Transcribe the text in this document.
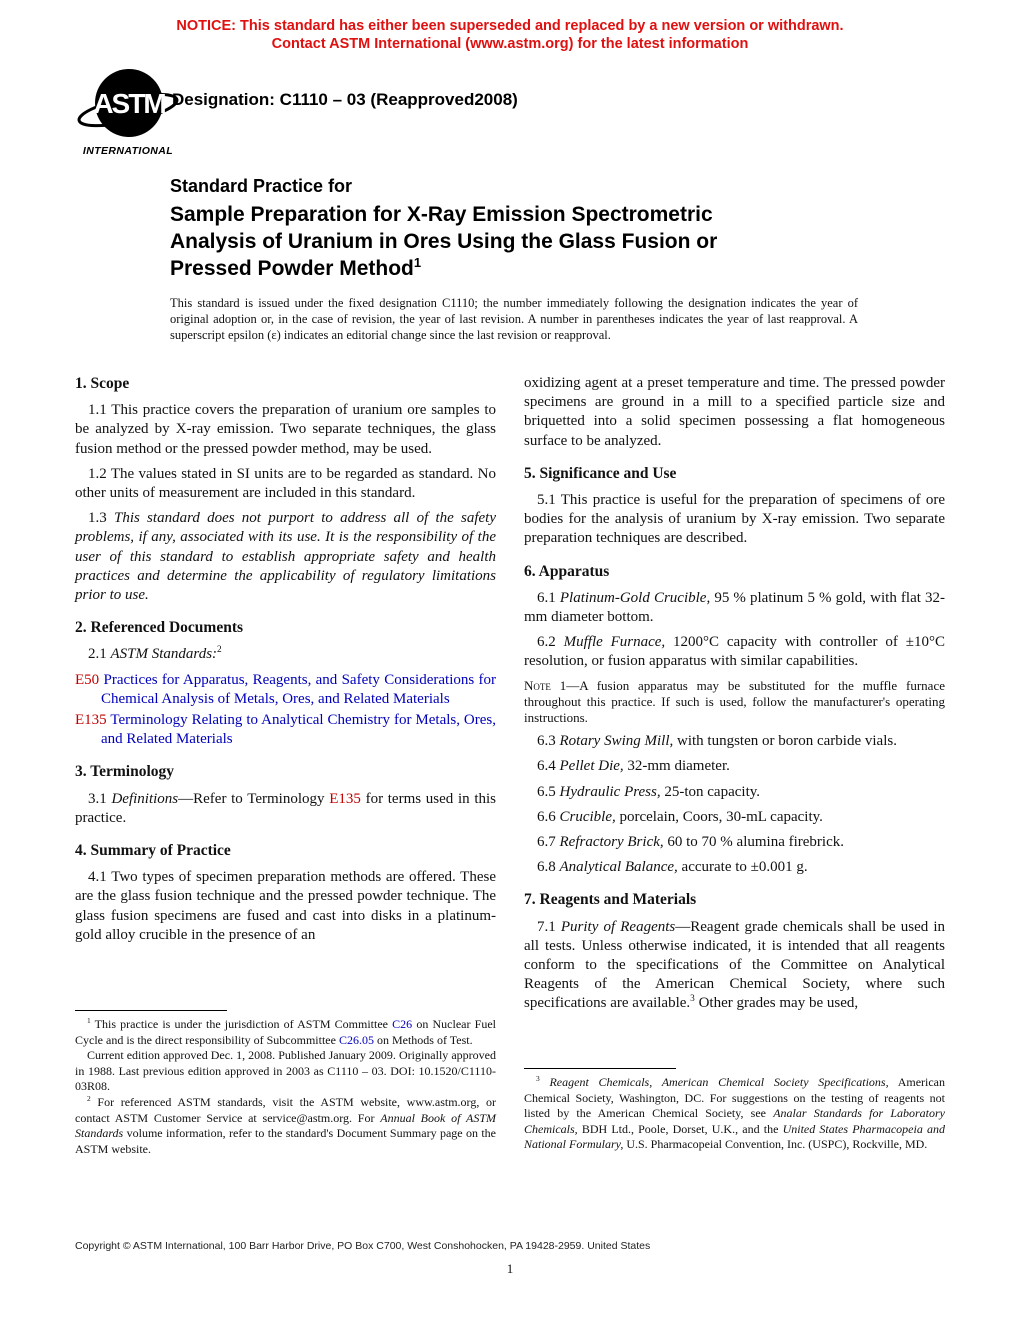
NOTICE: This standard has either been superseded and replaced by a new version or withdrawn.
Contact ASTM International (www.astm.org) for the latest information
ASTM
INTERNATIONAL
Designation: C1110 – 03 (Reapproved2008)
Standard Practice for
Sample Preparation for X-Ray Emission Spectrometric
Analysis of Uranium in Ores Using the Glass Fusion or
Pressed Powder Method$^1$
This standard is issued under the fixed designation C1110; the number immediately following the designation indicates the year of original adoption or, in the case of revision, the year of last revision. A number in parentheses indicates the year of last reapproval. A superscript epsilon (ε) indicates an editorial change since the last revision or reapproval.
1. Scope

1.1 This practice covers the preparation of uranium ore samples to be analyzed by X-ray emission. Two separate techniques, the glass fusion method or the pressed powder method, may be used.

1.2 The values stated in SI units are to be regarded as standard. No other units of measurement are included in this standard.

1.3 This standard does not purport to address all of the safety problems, if any, associated with its use. It is the responsibility of the user of this standard to establish appropriate safety and health practices and determine the applicability of regulatory limitations prior to use.

2. Referenced Documents

2.1 ASTM Standards:$^2$

E50 Practices for Apparatus, Reagents, and Safety Considerations for Chemical Analysis of Metals, Ores, and Related Materials

E135 Terminology Relating to Analytical Chemistry for Metals, Ores, and Related Materials

3. Terminology

3.1 Definitions—Refer to Terminology E135 for terms used in this practice.

4. Summary of Practice

4.1 Two types of specimen preparation methods are offered. These are the glass fusion technique and the pressed powder technique. The glass fusion specimens are fused and cast into disks in a platinum-gold alloy crucible in the presence of an

oxidizing agent at a preset temperature and time. The pressed powder specimens are ground in a mill to a specified particle size and briquetted into a solid specimen possessing a flat homogeneous surface to be analyzed.

5. Significance and Use

5.1 This practice is useful for the preparation of specimens of ore bodies for the analysis of uranium by X-ray emission. Two separate preparation techniques are described.

6. Apparatus

6.1 Platinum-Gold Crucible, 95 % platinum 5 % gold, with flat 32-mm diameter bottom.

6.2 Muffle Furnace, 1200°C capacity with controller of ±10°C resolution, or fusion apparatus with similar capabilities.

Note 1—A fusion apparatus may be substituted for the muffle furnace throughout this practice. If such is used, follow the manufacturer's operating instructions.

6.3 Rotary Swing Mill, with tungsten or boron carbide vials.

6.4 Pellet Die, 32-mm diameter.

6.5 Hydraulic Press, 25-ton capacity.

6.6 Crucible, porcelain, Coors, 30-mL capacity.

6.7 Refractory Brick, 60 to 70 % alumina firebrick.

6.8 Analytical Balance, accurate to ±0.001 g.

7. Reagents and Materials

7.1 Purity of Reagents—Reagent grade chemicals shall be used in all tests. Unless otherwise indicated, it is intended that all reagents conform to the specifications of the Committee on Analytical Reagents of the American Chemical Society, where such specifications are available.$^3$ Other grades may be used,

$^1$ This practice is under the jurisdiction of ASTM Committee C26 on Nuclear Fuel Cycle and is the direct responsibility of Subcommittee C26.05 on Methods of Test.

Current edition approved Dec. 1, 2008. Published January 2009. Originally approved in 1988. Last previous edition approved in 2003 as C1110 – 03. DOI: 10.1520/C1110-03R08.

$^2$ For referenced ASTM standards, visit the ASTM website, www.astm.org, or contact ASTM Customer Service at service@astm.org. For Annual Book of ASTM Standards volume information, refer to the standard's Document Summary page on the ASTM website.

$^3$ Reagent Chemicals, American Chemical Society Specifications, American Chemical Society, Washington, DC. For suggestions on the testing of reagents not listed by the American Chemical Society, see Analar Standards for Laboratory Chemicals, BDH Ltd., Poole, Dorset, U.K., and the United States Pharmacopeia and National Formulary, U.S. Pharmacopeial Convention, Inc. (USPC), Rockville, MD.

Copyright © ASTM International, 100 Barr Harbor Drive, PO Box C700, West Conshohocken, PA 19428-2959. United States
1
